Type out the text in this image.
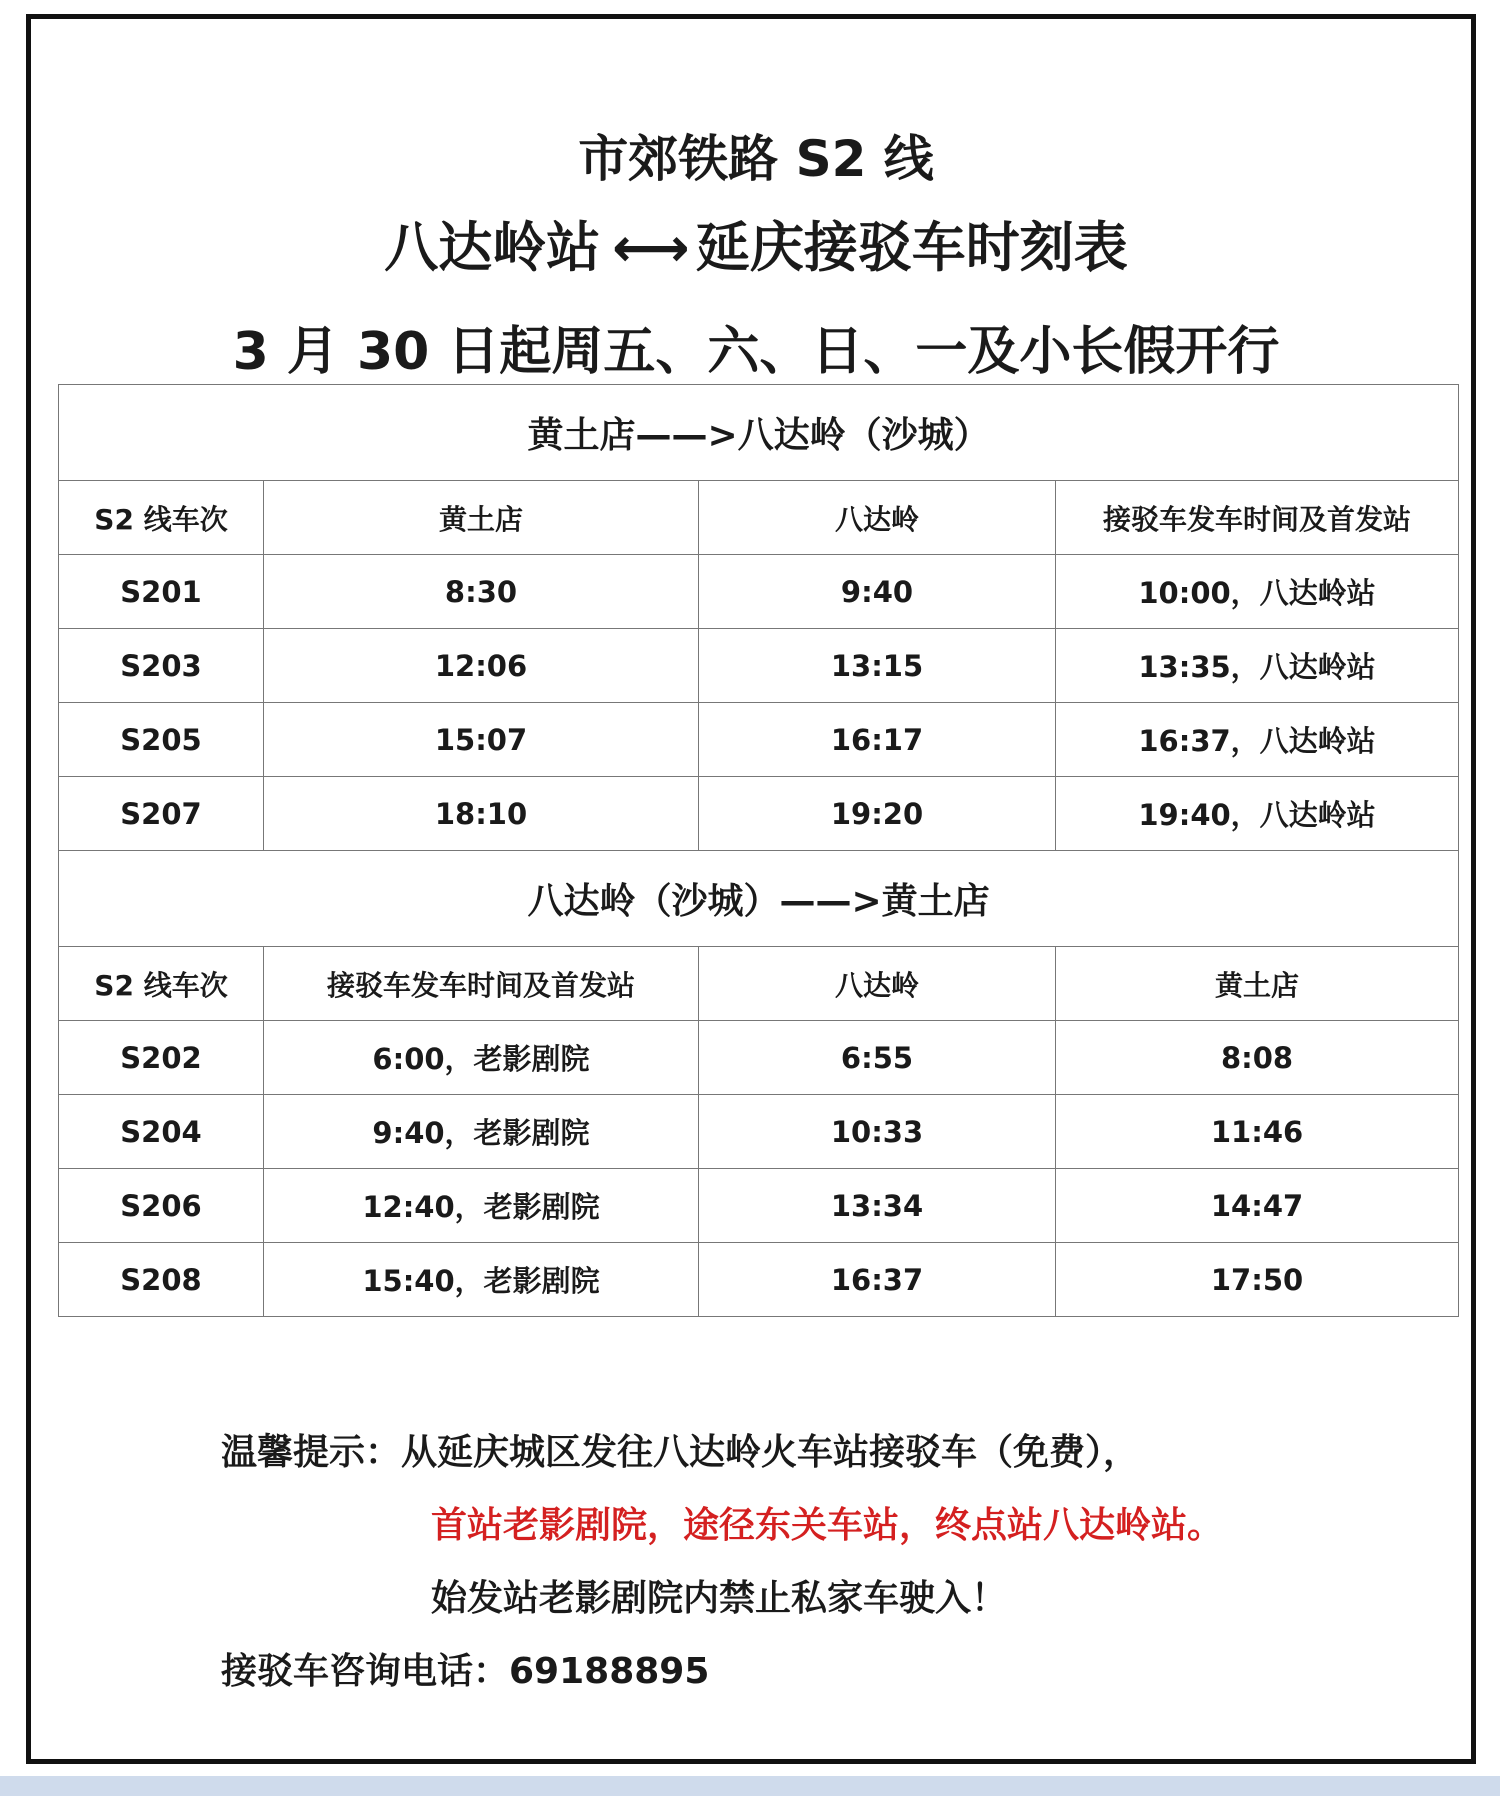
市郊铁路 S2 线
八达岭站 ⟷ 延庆接驳车时刻表
3 月 30 日起周五、六、日、一及小长假开行
黄土店——>八达岭（沙城）			
S2 线车次	黄土店	八达岭	接驳车发车时间及首发站
S201	8:30	9:40	10:00，八达岭站
S203	12:06	13:15	13:35，八达岭站
S205	15:07	16:17	16:37，八达岭站
S207	18:10	19:20	19:40，八达岭站
八达岭（沙城）——>黄土店			
S2 线车次	接驳车发车时间及首发站	八达岭	黄土店
S202	6:00，老影剧院	6:55	8:08
S204	9:40，老影剧院	10:33	11:46
S206	12:40，老影剧院	13:34	14:47
S208	15:40，老影剧院	16:37	17:50
温馨提示：从延庆城区发往八达岭火车站接驳车（免费），
首站老影剧院，途径东关车站，终点站八达岭站。
始发站老影剧院内禁止私家车驶入！
接驳车咨询电话：69188895
